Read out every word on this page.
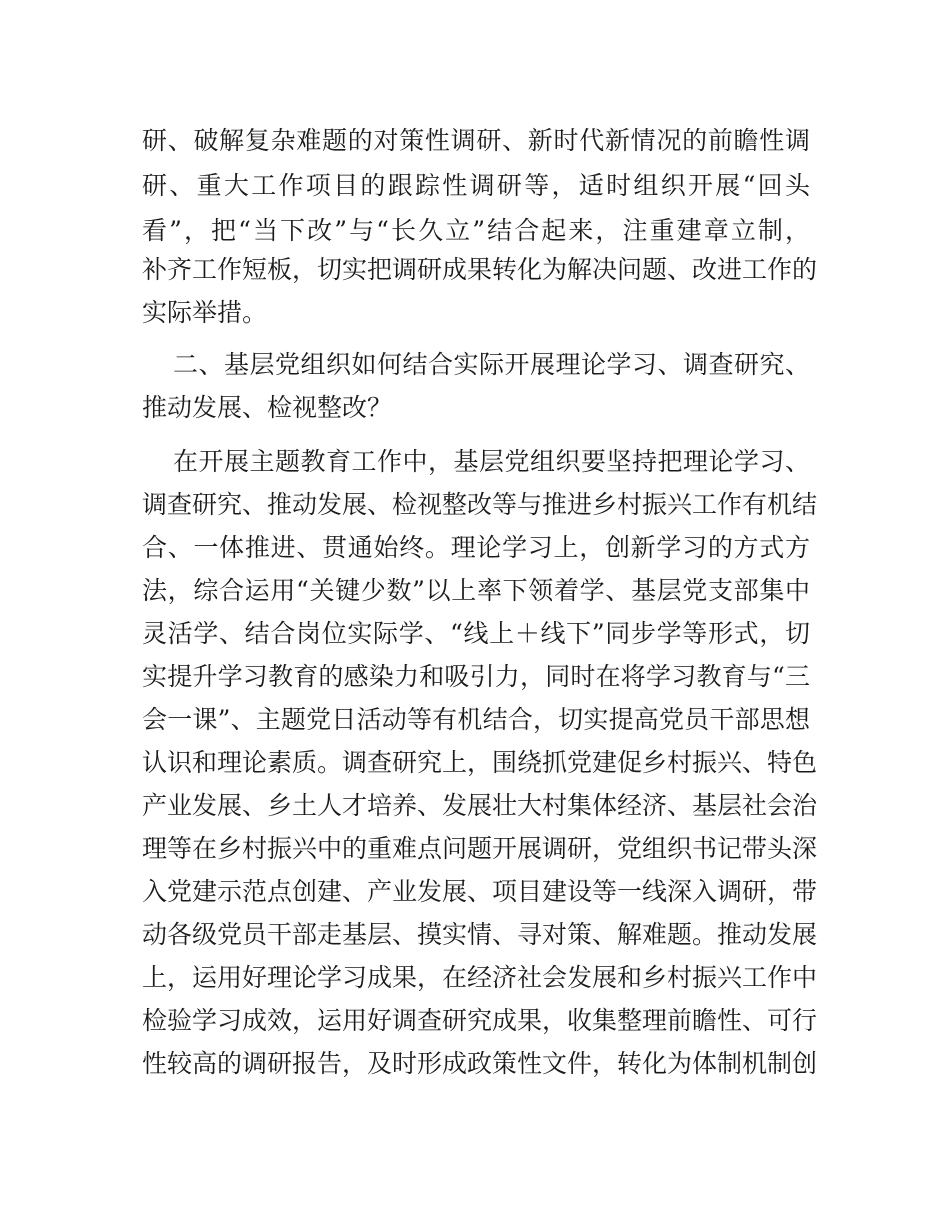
研、破解复杂难题的对策性调研、新时代新情况的前瞻性调
研、重大工作项目的跟踪性调研等，适时组织开展“回头
看”，把“当下改”与“长久立”结合起来，注重建章立制，
补齐工作短板，切实把调研成果转化为解决问题、改进工作的
实际举措。
二、基层党组织如何结合实际开展理论学习、调查研究、
推动发展、检视整改？
在开展主题教育工作中，基层党组织要坚持把理论学习、
调查研究、推动发展、检视整改等与推进乡村振兴工作有机结
合、一体推进、贯通始终。理论学习上，创新学习的方式方
法，综合运用“关键少数”以上率下领着学、基层党支部集中
灵活学、结合岗位实际学、“线上＋线下”同步学等形式，切
实提升学习教育的感染力和吸引力，同时在将学习教育与“三
会一课”、主题党日活动等有机结合，切实提高党员干部思想
认识和理论素质。调查研究上，围绕抓党建促乡村振兴、特色
产业发展、乡土人才培养、发展壮大村集体经济、基层社会治
理等在乡村振兴中的重难点问题开展调研，党组织书记带头深
入党建示范点创建、产业发展、项目建设等一线深入调研，带
动各级党员干部走基层、摸实情、寻对策、解难题。推动发展
上，运用好理论学习成果，在经济社会发展和乡村振兴工作中
检验学习成效，运用好调查研究成果，收集整理前瞻性、可行
性较高的调研报告，及时形成政策性文件，转化为体制机制创
